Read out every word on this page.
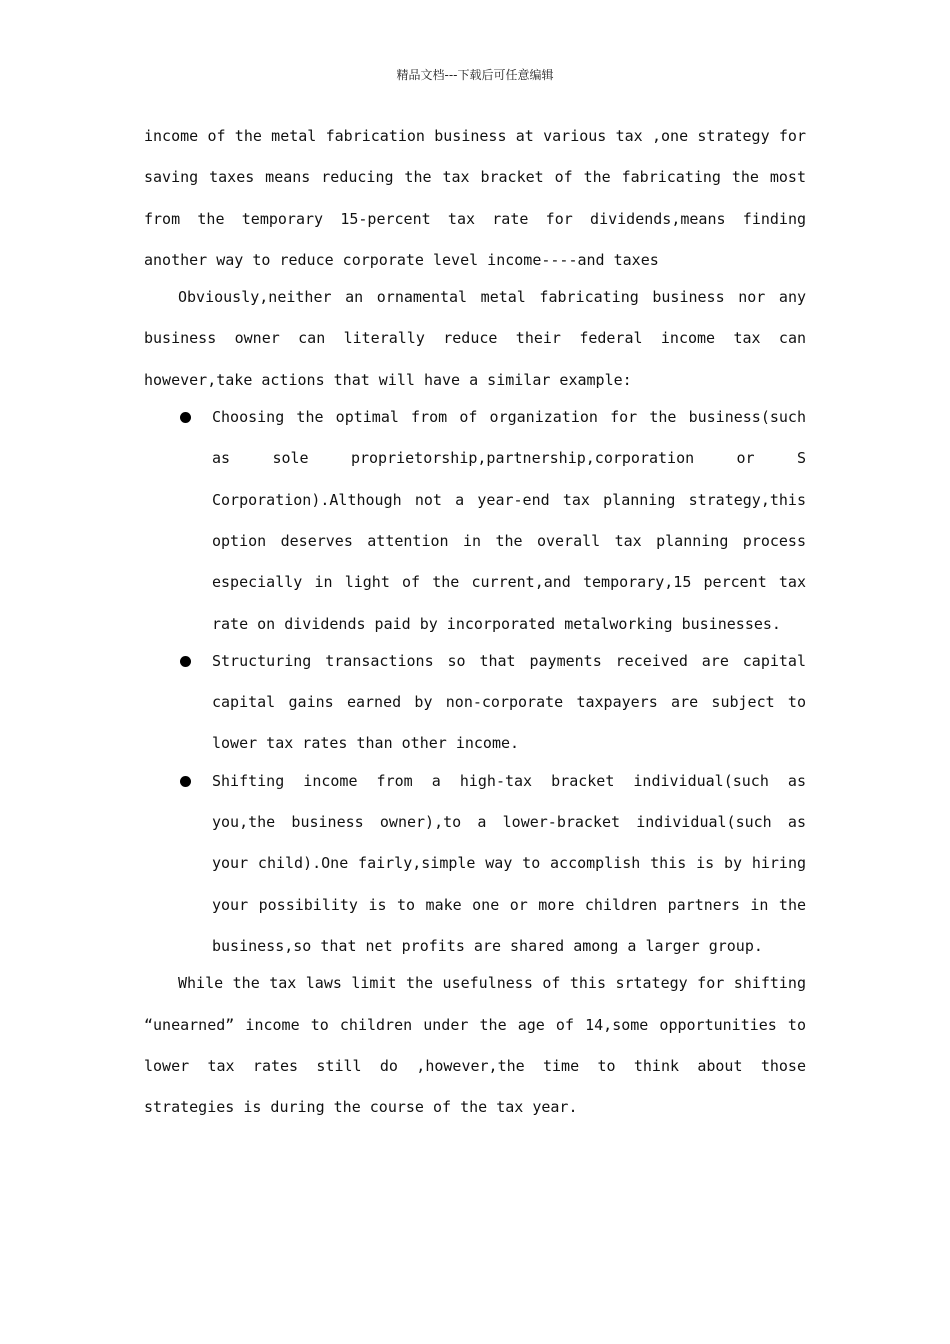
精品文档---下载后可任意编辑

income of the metal fabrication business at various tax ,one strategy for saving taxes means reducing the tax bracket of the fabricating the most from the temporary 15-percent tax rate for dividends,means finding another way to reduce corporate level income----and taxes

Obviously,neither an ornamental metal fabricating business nor any business owner can literally reduce their federal income tax can however,take actions that will have a similar example:

Choosing the optimal from of organization for the business(such as sole proprietorship,partnership,corporation or S Corporation).Although not a year-end tax planning strategy,this option deserves attention in the overall tax planning process especially in light of the current,and temporary,15 percent tax rate on dividends paid by incorporated metalworking businesses.
Structuring transactions so that payments received are capital capital gains earned by non-corporate taxpayers are subject to lower tax rates than other income.
Shifting income from a high-tax bracket individual(such as you,the business owner),to a lower-bracket individual(such as your child).One fairly,simple way to accomplish this is by hiring your possibility is to make one or more children partners in the business,so that net profits are shared among a larger group.

While the tax laws limit the usefulness of this srtategy for shifting “unearned” income to children under the age of 14,some opportunities to lower tax rates still do ,however,the time to think about those strategies is during the course of the tax year.
